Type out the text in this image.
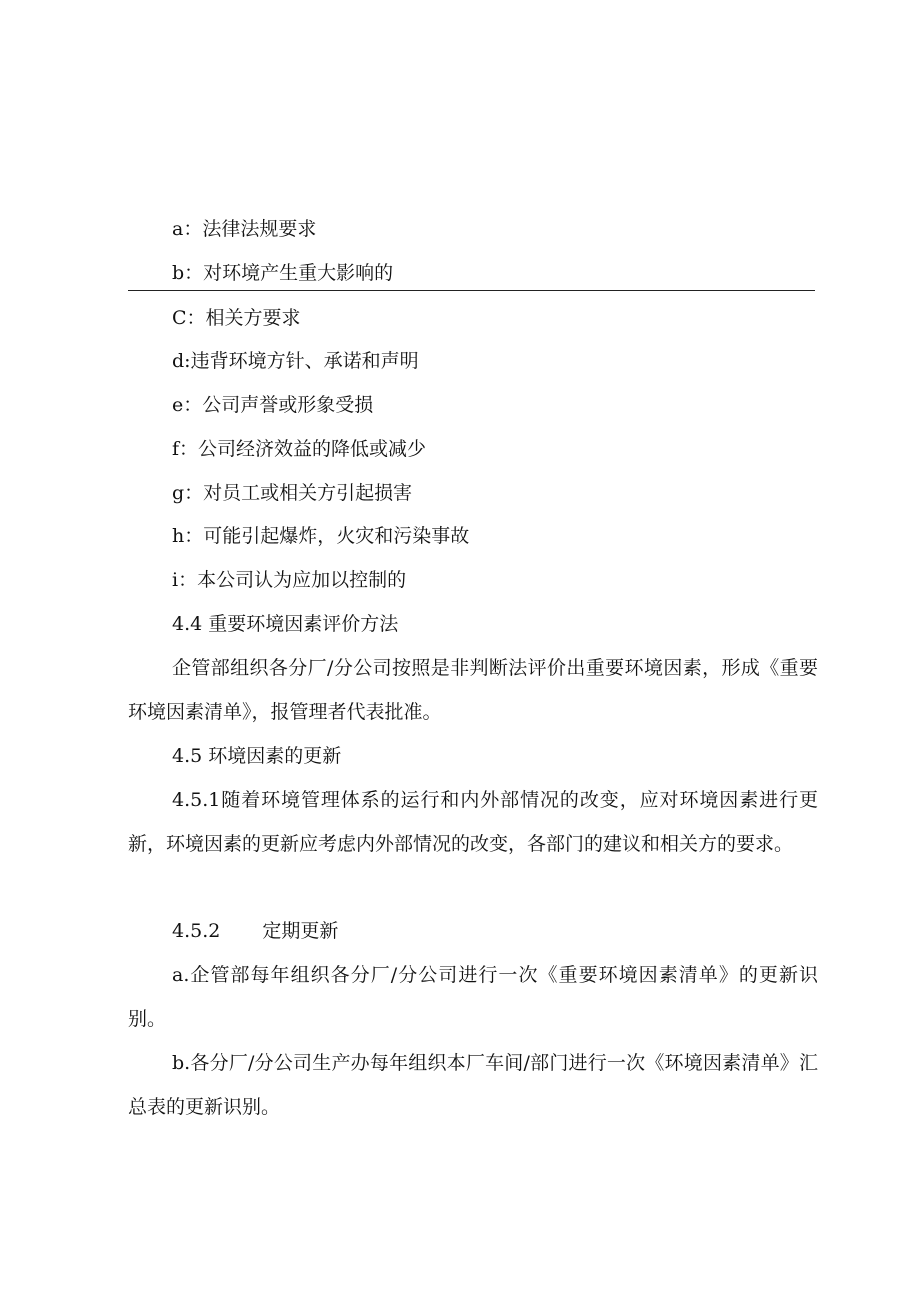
a：法律法规要求
b：对环境产生重大影响的
C：相关方要求
d:违背环境方针、承诺和声明
e：公司声誉或形象受损
f：公司经济效益的降低或减少
g：对员工或相关方引起损害
h：可能引起爆炸，火灾和污染事故
i：本公司认为应加以控制的
4.4 重要环境因素评价方法
企管部组织各分厂/分公司按照是非判断法评价出重要环境因素，形成《重要环境因素清单》，报管理者代表批准。
4.5 环境因素的更新
4.5.1随着环境管理体系的运行和内外部情况的改变，应对环境因素进行更新，环境因素的更新应考虑内外部情况的改变，各部门的建议和相关方的要求。
4.5.2 定期更新
a.企管部每年组织各分厂/分公司进行一次《重要环境因素清单》的更新识别。
b.各分厂/分公司生产办每年组织本厂车间/部门进行一次《环境因素清单》汇总表的更新识别。
